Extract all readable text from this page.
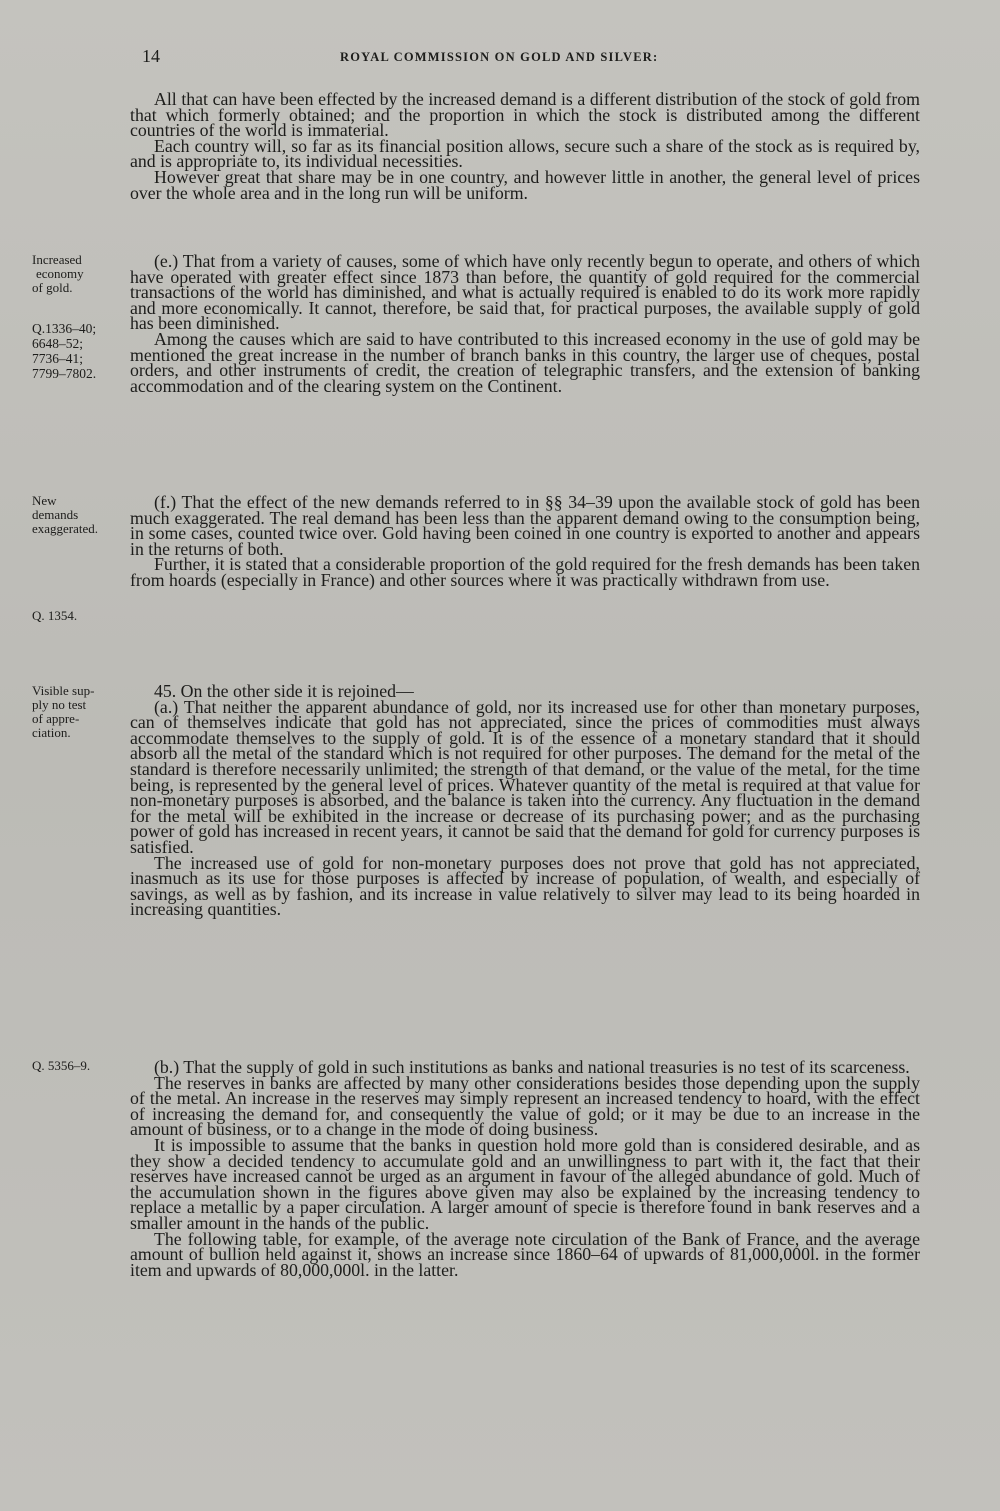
14	ROYAL COMMISSION ON GOLD AND SILVER:
Increased
economy
of gold.
Q.1336–40;
6648–52;
7736–41;
7799–7802.
New
demands
exaggerated.
Q. 1354.
Visible sup-
ply no test
of appre-
ciation.
Q. 5356–9.

All that can have been effected by the increased demand is a different distribution of the stock of gold from that which formerly obtained; and the proportion in which the stock is distributed among the different countries of the world is immaterial.

Each country will, so far as its financial position allows, secure such a share of the stock as is required by, and is appropriate to, its individual necessities.

However great that share may be in one country, and however little in another, the general level of prices over the whole area and in the long run will be uniform.

(e.) That from a variety of causes, some of which have only recently begun to operate, and others of which have operated with greater effect since 1873 than before, the quantity of gold required for the commercial transactions of the world has diminished, and what is actually required is enabled to do its work more rapidly and more economically. It cannot, therefore, be said that, for practical purposes, the available supply of gold has been diminished.

Among the causes which are said to have contributed to this increased economy in the use of gold may be mentioned the great increase in the number of branch banks in this country, the larger use of cheques, postal orders, and other instruments of credit, the creation of telegraphic transfers, and the extension of banking accommodation and of the clearing system on the Continent.

(f.) That the effect of the new demands referred to in §§ 34–39 upon the available stock of gold has been much exaggerated. The real demand has been less than the apparent demand owing to the consumption being, in some cases, counted twice over. Gold having been coined in one country is exported to another and appears in the returns of both.

Further, it is stated that a considerable proportion of the gold required for the fresh demands has been taken from hoards (especially in France) and other sources where it was practically withdrawn from use.

45. On the other side it is rejoined—

(a.) That neither the apparent abundance of gold, nor its increased use for other than monetary purposes, can of themselves indicate that gold has not appreciated, since the prices of commodities must always accommodate themselves to the supply of gold. It is of the essence of a monetary standard that it should absorb all the metal of the standard which is not required for other purposes. The demand for the metal of the standard is therefore necessarily unlimited; the strength of that demand, or the value of the metal, for the time being, is represented by the general level of prices. Whatever quantity of the metal is required at that value for non-monetary purposes is absorbed, and the balance is taken into the currency. Any fluctuation in the demand for the metal will be exhibited in the increase or decrease of its purchasing power; and as the purchasing power of gold has increased in recent years, it cannot be said that the demand for gold for currency purposes is satisfied.

The increased use of gold for non-monetary purposes does not prove that gold has not appreciated, inasmuch as its use for those purposes is affected by increase of population, of wealth, and especially of savings, as well as by fashion, and its increase in value relatively to silver may lead to its being hoarded in increasing quantities.

(b.) That the supply of gold in such institutions as banks and national treasuries is no test of its scarceness.

The reserves in banks are affected by many other considerations besides those depending upon the supply of the metal. An increase in the reserves may simply represent an increased tendency to hoard, with the effect of increasing the demand for, and consequently the value of gold; or it may be due to an increase in the amount of business, or to a change in the mode of doing business.

It is impossible to assume that the banks in question hold more gold than is considered desirable, and as they show a decided tendency to accumulate gold and an unwillingness to part with it, the fact that their reserves have increased cannot be urged as an argument in favour of the alleged abundance of gold. Much of the accumulation shown in the figures above given may also be explained by the increasing tendency to replace a metallic by a paper circulation. A larger amount of specie is therefore found in bank reserves and a smaller amount in the hands of the public.

The following table, for example, of the average note circulation of the Bank of France, and the average amount of bullion held against it, shows an increase since 1860–64 of upwards of 81,000,000l. in the former item and upwards of 80,000,000l. in the latter.
